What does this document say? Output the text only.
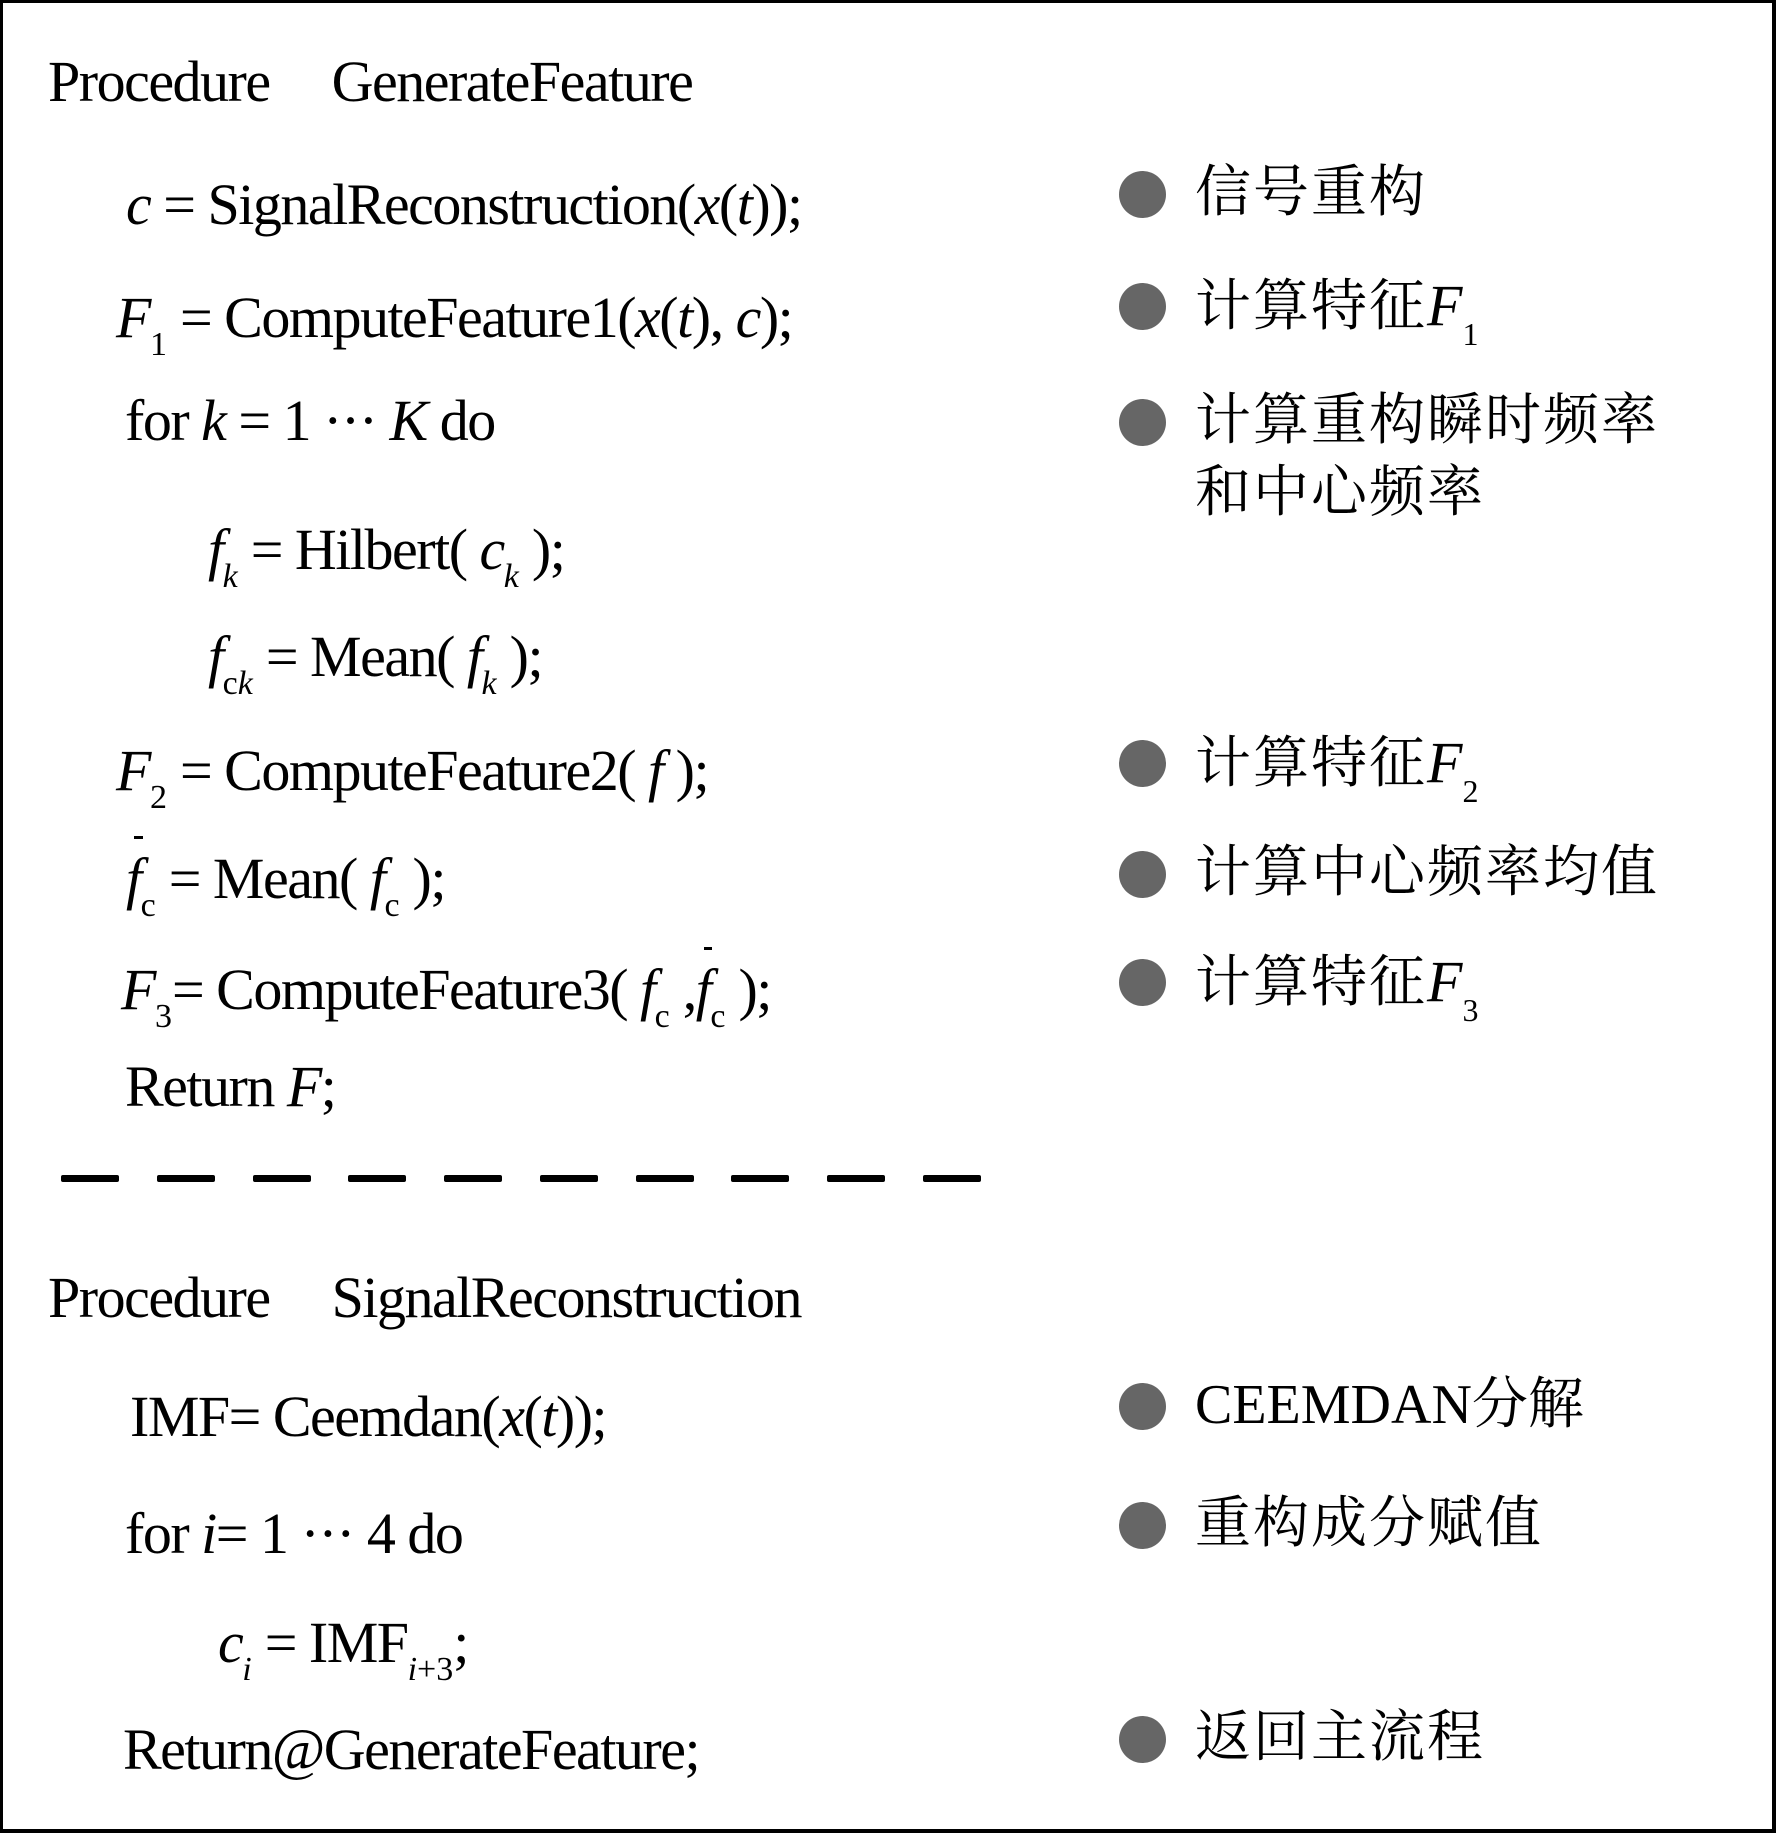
Procedure GenerateFeature
c = SignalReconstruction(x(t));
$F_1$ = ComputeFeature1(x(t), c);
for k = 1 ··· K do
$f_k$ = Hilbert( $c_k$ );
$f_{ck}$ = Mean( $f_k$ );
$F_2$ = ComputeFeature2( f );
$f_c$ = Mean( $f_c$ );
$F_3=$ ComputeFeature3( $f_c$ $,f_c$ );
Return F;
Procedure SignalReconstruction
IMF= Ceemdan(x(t));
for i= 1 ··· 4 do
$c_i = IMF_{i+3}$;
Return@GenerateFeature;
信号重构
计算特征$F_1$
计算重构瞬时频率
和中心频率
计算特征$F_2$
计算中心频率均值
计算特征$F_3$
CEEMDAN分解
重构成分赋值
返回主流程
